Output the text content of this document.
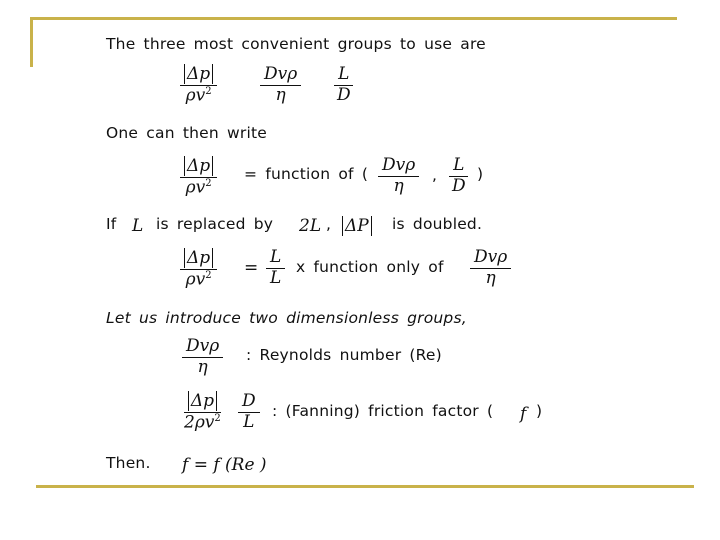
The three most convenient groups to use are
$\frac{\Delta p}{\rho v^2}$	Dvρ
η	$\frac{L}{D}$
One can then write
$\frac{\Delta p}{\rho v^2}$ = function of ( Dvρ
η
, $\frac{L}{D}$ )
If L is replaced by 2L , ΔP is doubled.
$\frac{\Delta p}{\rho v^2} = \frac{L}{L}$ x function only of Dvρ
η
Let us introduce two dimensionless groups,
Dvρ
η
: Reynolds number (Re)
$\frac{\Delta p}{2\rho v^2} \frac{D}{L}$ : (Fanning) friction factor ( f )
Then. f = f (Re )
